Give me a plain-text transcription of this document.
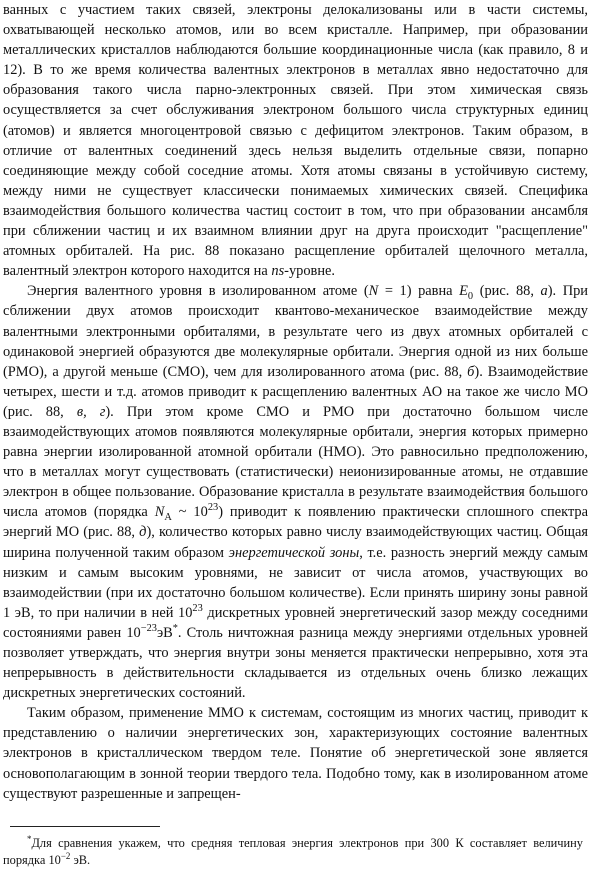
ванных с участием таких связей, электроны делокализованы или в части системы, охватывающей несколько атомов, или во всем кристалле. Например, при образовании металлических кристаллов наблюдаются большие координационные числа (как правило, 8 и 12). В то же время количества валентных электронов в металлах явно недостаточно для образования такого числа парно-электронных связей. При этом химическая связь осуществляется за счет обслуживания электроном большого числа структурных единиц (атомов) и является многоцентровой связью с дефицитом электронов. Таким образом, в отличие от валентных соединений здесь нельзя выделить отдельные связи, попарно соединяющие между собой соседние атомы. Хотя атомы связаны в устойчивую систему, между ними не существует классически понимаемых химических связей. Специфика взаимодействия большого количества частиц состоит в том, что при образовании ансамбля при сближении частиц и их взаимном влиянии друг на друга происходит "расщепление" атомных орбиталей. На рис. 88 показано расщепление орбиталей щелочного металла, валентный электрон которого находится на ns-уровне.

Энергия валентного уровня в изолированном атоме (N = 1) равна $E_0$ (рис. 88, а). При сближении двух атомов происходит квантово-механическое взаимодействие между валентными электронными орбиталями, в результате чего из двух атомных орбиталей с одинаковой энергией образуются две молекулярные орбитали. Энергия одной из них больше (РМО), а другой меньше (СМО), чем для изолированного атома (рис. 88, б). Взаимодействие четырех, шести и т.д. атомов приводит к расщеплению валентных АО на такое же число МО (рис. 88, в, г). При этом кроме СМО и РМО при достаточно большом числе взаимодействующих атомов появляются молекулярные орбитали, энергия которых примерно равна энергии изолированной атомной орбитали (НМО). Это равносильно предположению, что в металлах могут существовать (статистически) неионизированные атомы, не отдавшие электрон в общее пользование. Образование кристалла в результате взаимодействия большого числа атомов (порядка $N_A$ ~ $10^{23}$) приводит к появлению практически сплошного спектра энергий МО (рис. 88, д), количество которых равно числу взаимодействующих частиц. Общая ширина полученной таким образом энергетической зоны, т.е. разность энергий между самым низким и самым высоким уровнями, не зависит от числа атомов, участвующих во взаимодействии (при их достаточно большом количестве). Если принять ширину зоны равной 1 эВ, то при наличии в ней $10^{23}$ дискретных уровней энергетический зазор между соседними состояниями равен $10^{-23}эВ^*$. Столь ничтожная разница между энергиями отдельных уровней позволяет утверждать, что энергия внутри зоны меняется практически непрерывно, хотя эта непрерывность в действительности складывается из отдельных очень близко лежащих дискретных энергетических состояний.

Таким образом, применение ММО к системам, состоящим из многих частиц, приводит к представлению о наличии энергетических зон, характеризующих состояние валентных электронов в кристаллическом твердом теле. Понятие об энергетической зоне является основополагающим в зонной теории твердого тела. Подобно тому, как в изолированном атоме существуют разрешенные и запрещен-

*Для сравнения укажем, что средняя тепловая энергия электронов при 300 К составляет величину порядка $10^{-2}$ эВ.
